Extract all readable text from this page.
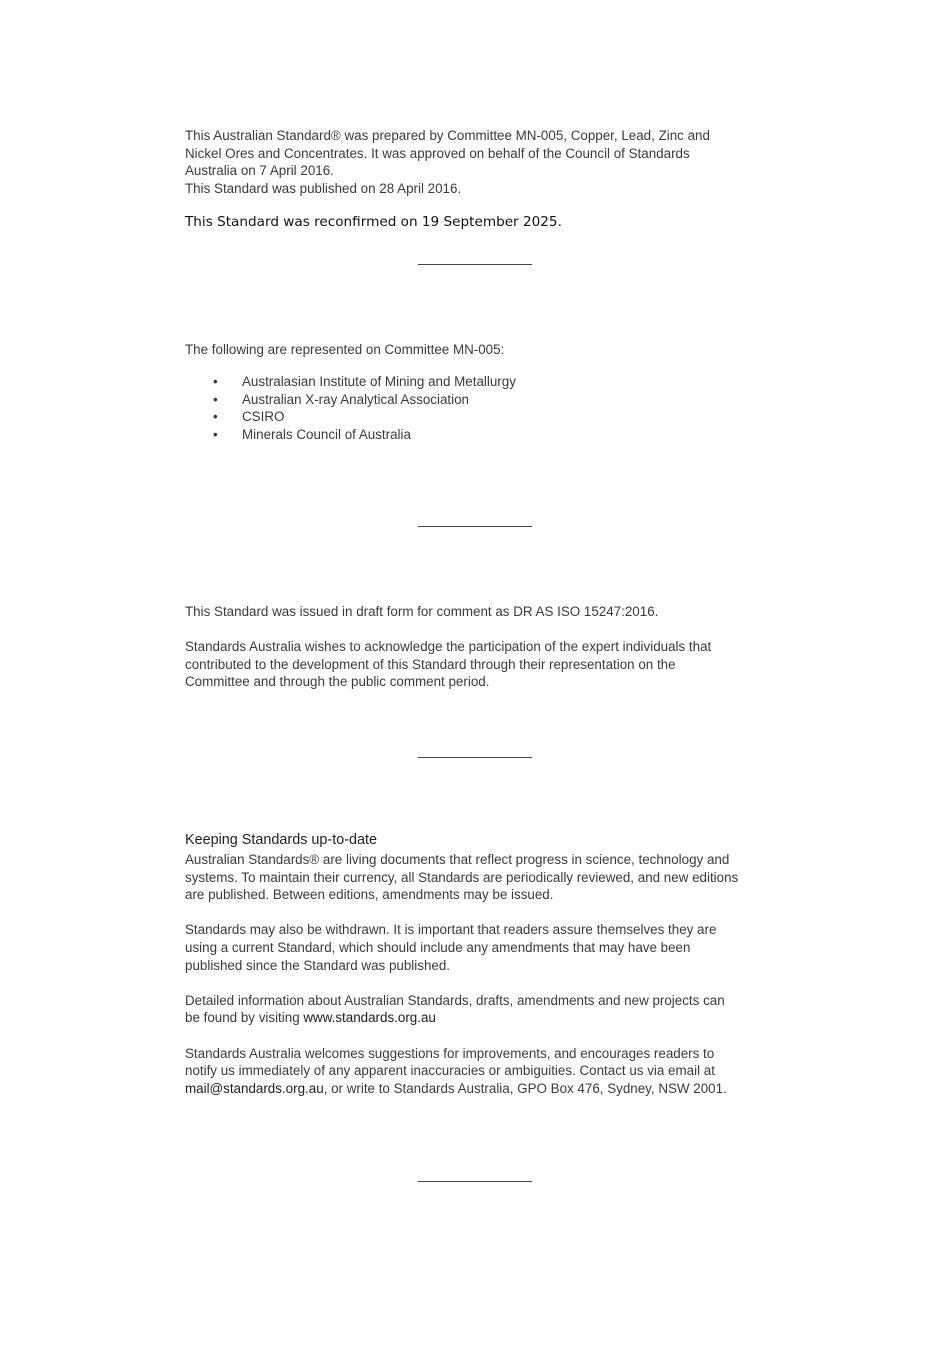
This Australian Standard® was prepared by Committee MN-005, Copper, Lead, Zinc and

Nickel Ores and Concentrates. It was approved on behalf of the Council of Standards

Australia on 7 April 2016.

This Standard was published on 28 April 2016.

This Standard was reconfirmed on 19 September 2025.
The following are represented on Committee MN-005:
• Australasian Institute of Mining and Metallurgy
• Australian X-ray Analytical Association
• CSIRO
• Minerals Council of Australia
This Standard was issued in draft form for comment as DR AS ISO 15247:2016.

Standards Australia wishes to acknowledge the participation of the expert individuals that

contributed to the development of this Standard through their representation on the

Committee and through the public comment period.

Keeping Standards up-to-date

Australian Standards® are living documents that reflect progress in science, technology and

systems. To maintain their currency, all Standards are periodically reviewed, and new editions

are published. Between editions, amendments may be issued.

Standards may also be withdrawn. It is important that readers assure themselves they are

using a current Standard, which should include any amendments that may have been

published since the Standard was published.

Detailed information about Australian Standards, drafts, amendments and new projects can

be found by visiting www.standards.org.au

Standards Australia welcomes suggestions for improvements, and encourages readers to

notify us immediately of any apparent inaccuracies or ambiguities. Contact us via email at

mail@standards.org.au, or write to Standards Australia, GPO Box 476, Sydney, NSW 2001.
